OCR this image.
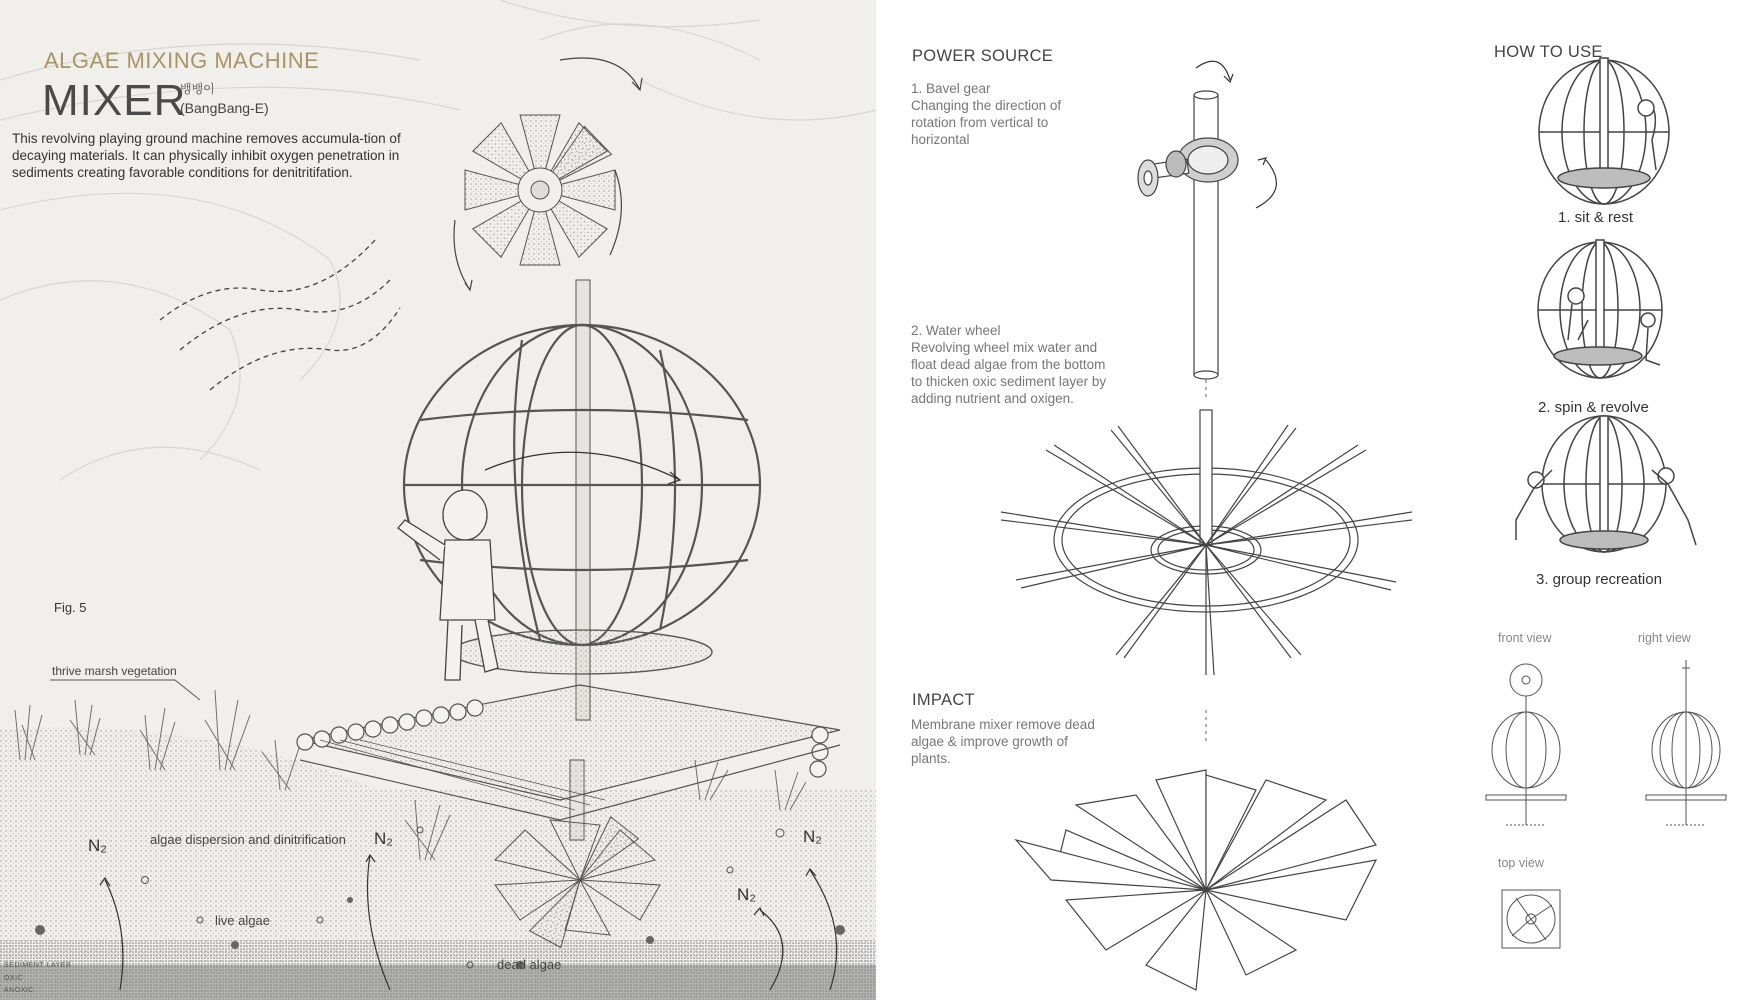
ALGAE MIXING MACHINE
MIXER
뱅뱅이
(BangBang-E)
This revolving playing ground machine removes accumula-tion of decaying materials. It can physically inhibit oxygen penetration in sediments creating favorable conditions for denitritifation.
Fig. 5
thrive marsh vegetation
algae dispersion and dinitrification
live algae
dead algae
N₂	N₂
N₂
N₂
SEDIMENT LAYER
OXIC
ANOXIC
POWER SOURCE
1. Bavel gear
Changing the direction of rotation from vertical to horizontal
2. Water wheel
Revolving wheel mix water and float dead algae from the bottom to thicken oxic sediment layer by adding nutrient and oxigen.
IMPACT
Membrane mixer remove dead algae & improve growth of plants.
HOW TO USE
1. sit & rest
2. spin & revolve
3. group recreation
front view	right view
top view
